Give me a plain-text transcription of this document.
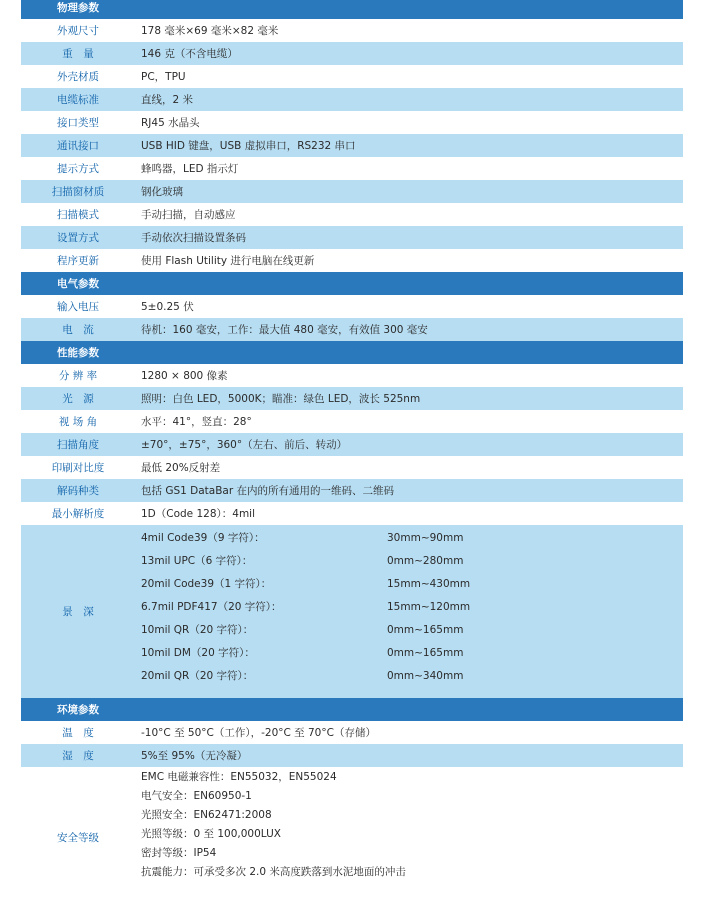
物理参数
外观尺寸	178 毫米×69 毫米×82 毫米
重　量	146 克（不含电缆）
外壳材质	PC，TPU
电缆标准	直线，2 米
接口类型	RJ45 水晶头
通讯接口	USB HID 键盘，USB 虚拟串口，RS232 串口
提示方式	蜂鸣器，LED 指示灯
扫描窗材质	钢化玻璃
扫描模式	手动扫描，自动感应
设置方式	手动依次扫描设置条码
程序更新	使用 Flash Utility 进行电脑在线更新
电气参数
输入电压	5±0.25 伏
电　流	待机：160 毫安，工作：最大值 480 毫安，有效值 300 毫安
性能参数
分 辨 率	1280 × 800 像素
光　源	照明：白色 LED，5000K；瞄准：绿色 LED，波长 525nm
视 场 角	水平：41°，竖直：28°
扫描角度	±70°，±75°，360°（左右、前后、转动）
印刷对比度	最低 20%反射差
解码种类	包括 GS1 DataBar 在内的所有通用的一维码、二维码
最小解析度	1D（Code 128）：4mil
景　深
4mil Code39（9 字符）：	30mm~90mm
13mil UPC（6 字符）：	0mm~280mm
20mil Code39（1 字符）：	15mm~430mm
6.7mil PDF417（20 字符）：	15mm~120mm
10mil QR（20 字符）：	0mm~165mm
10mil DM（20 字符）：	0mm~165mm
20mil QR（20 字符）：	0mm~340mm
环境参数
温　度	-10°C 至 50°C（工作），-20°C 至 70°C（存储）
湿　度	5%至 95%（无冷凝）
安全等级
EMC 电磁兼容性：EN55032，EN55024
电气安全：EN60950-1
光照安全：EN62471:2008
光照等级：0 至 100,000LUX
密封等级：IP54
抗震能力：可承受多次 2.0 米高度跌落到水泥地面的冲击
